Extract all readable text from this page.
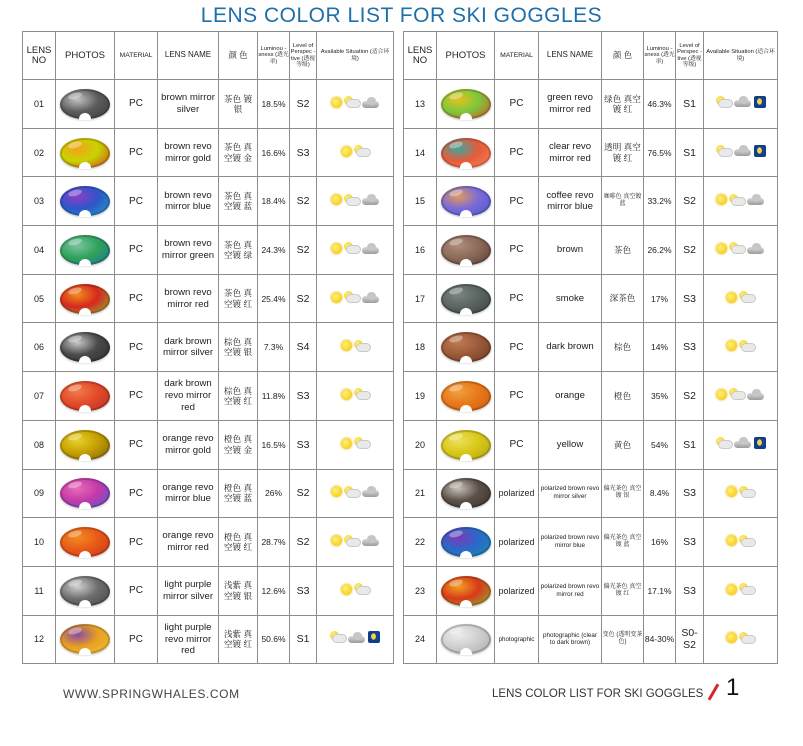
LENS COLOR LIST FOR SKI GOGGLES
LENS NO	PHOTOS	MATERIAL	LENS NAME	颜 色	Luminou -sness (透光率)	Level of Perspec -tive (透视等级)	Available Situation (适合环境)
01		PC	brown mirror silver	茶色 镀 银	18.5%	S2	

02		PC	brown revo mirror gold	茶色 真空镀 金	16.6%	S3	

03		PC	brown revo mirror blue	茶色 真空镀 蓝	18.4%	S2	

04		PC	brown revo mirror green	茶色 真空镀 绿	24.3%	S2	

05		PC	brown revo mirror red	茶色 真空镀 红	25.4%	S2	

06		PC	dark brown mirror silver	棕色 真空镀 银	7.3%	S4	

07		PC	dark brown revo mirror red	棕色 真空镀 红	11.8%	S3	

08		PC	orange revo mirror gold	橙色 真空镀 金	16.5%	S3	

09		PC	orange revo mirror blue	橙色 真空镀 蓝	26%	S2	

10		PC	orange revo mirror red	橙色 真空镀 红	28.7%	S2	

11		PC	light purple mirror silver	浅紫 真空镀 银	12.6%	S3	

12		PC	light purple revo mirror red	浅紫 真空镀 红	50.6%	S1	
LENS NO	PHOTOS	MATERIAL	LENS NAME	颜 色	Luminou -sness (透光率)	Level of Perspec -tive (透视等级)	Available Situation (适合环境)
13		PC	green revo mirror red	绿色 真空镀 红	46.3%	S1	

14		PC	clear revo mirror red	透明 真空镀 红	76.5%	S1	

15		PC	coffee revo mirror blue	咖啡色 真空镀 蓝	33.2%	S2	

16		PC	brown	茶色	26.2%	S2	

17		PC	smoke	深茶色	17%	S3	

18		PC	dark brown	棕色	14%	S3	

19		PC	orange	橙色	35%	S2	

20		PC	yellow	黄色	54%	S1	

21		polarized	polarized brown revo mirror silver	偏光茶色 真空镀 银	8.4%	S3	

22		polarized	polarized brown revo mirror blue	偏光茶色 真空镀 蓝	16%	S3	

23		polarized	polarized brown revo mirror red	偏光茶色 真空镀 红	17.1%	S3	

24		photographic	photographic (clear to dark brown)	变色 (透明变茶色)	84-30%	S0-S2	
WWW.SPRINGWHALES.COM	LENS COLOR LIST FOR SKI GOGGLES 1
